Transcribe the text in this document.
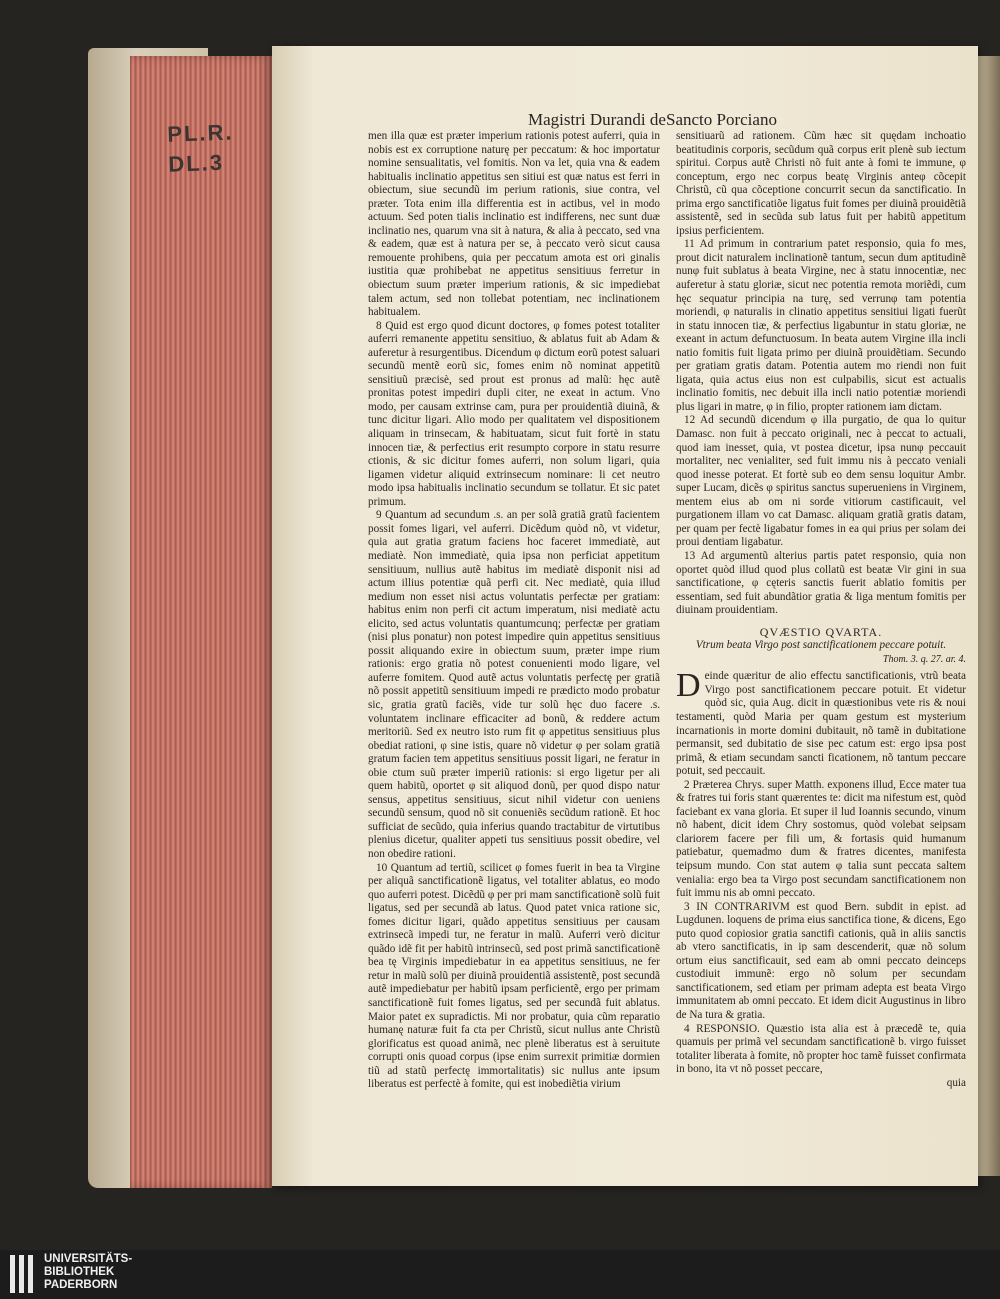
PL.R.
DL.3
Magistri Durandi de Sancto Porciano

men illa quæ est præter imperium rationis potest auferri, quia in nobis est ex corruptione naturę per peccatum: & hoc importatur nomine sensualitatis, vel fomitis. Non va let, quia vna & eadem habitualis inclinatio appetitus sen sitiui est quæ natus est ferri in obiectum, siue secundũ im perium rationis, siue contra, vel præter. Tota enim illa differentia est in actibus, vel in modo actuum. Sed poten tialis inclinatio est indifferens, nec sunt duæ inclinatio nes, quarum vna sit à natura, & alia à peccato, sed vna & eadem, quæ est à natura per se, à peccato verò sicut causa remouente prohibens, quia per peccatum amota est ori ginalis iustitia quæ prohibebat ne appetitus sensitiuus ferretur in obiectum suum præter imperium rationis, & sic impediebat talem actum, sed non tollebat potentiam, nec inclinationem habitualem.

8 Quid est ergo quod dicunt doctores, φ fomes potest totaliter auferri remanente appetitu sensitiuo, & ablatus fuit ab Adam & auferetur à resurgentibus. Dicendum φ dictum eorũ potest saluari secundũ mentẽ eorũ sic, fomes enim nõ nominat appetitũ sensitiuũ præcisè, sed prout est pronus ad malũ: hęc autẽ pronitas potest impediri dupli citer, ne exeat in actum. Vno modo, per causam extrinse cam, pura per prouidentiã diuinã, & tunc dicitur ligari. Alio modo per qualitatem vel dispositionem aliquam in trinsecam, & habituatam, sicut fuit fortè in statu innocen tiæ, & perfectius erit resumpto corpore in statu resurre ctionis, & sic dicitur fomes auferri, non solum ligari, quia ligamen videtur aliquid extrinsecum nominare: li cet neutro modo ipsa habitualis inclinatio secundum se tollatur. Et sic patet primum.

9 Quantum ad secundum .s. an per solã gratiã gratũ facientem possit fomes ligari, vel auferri. Dicẽdum quòd nõ, vt videtur, quia aut gratia gratum faciens hoc faceret immediatè, aut mediatè. Non immediatè, quia ipsa non perficiat appetitum sensitiuum, nullius autẽ habitus im mediatè disponit nisi ad actum illius potentiæ quã perfi cit. Nec mediatè, quia illud medium non esset nisi actus voluntatis perfectæ per gratiam: habitus enim non perfi cit actum imperatum, nisi mediatè actu elicito, sed actus voluntatis quantumcunq; perfectæ per gratiam (nisi plus ponatur) non potest impedire quin appetitus sensitiuus possit aliquando exire in obiectum suum, præter impe rium rationis: ergo gratia nõ potest conuenienti modo ligare, vel auferre fomitem. Quod autẽ actus voluntatis perfectę per gratiã nõ possit appetitũ sensitiuum impedi re prædicto modo probatur sic, gratia gratũ faciẽs, vide tur solũ hęc duo facere .s. voluntatem inclinare efficaciter ad bonũ, & reddere actum meritoriũ. Sed ex neutro isto rum fit φ appetitus sensitiuus plus obediat rationi, φ sine istis, quare nõ videtur φ per solam gratiã gratum facien tem appetitus sensitiuus possit ligari, ne feratur in obie ctum suũ præter imperiũ rationis: si ergo ligetur per ali quem habitũ, oportet φ sit aliquod donũ, per quod dispo natur sensus, appetitus sensitiuus, sicut nihil videtur con ueniens secundũ sensum, quod nõ sit conueniẽs secũdum rationẽ. Et hoc sufficiat de secũdo, quia inferius quando tractabitur de virtutibus plenius dicetur, qualiter appeti tus sensitiuus possit obedire, vel non obedire rationi.

10 Quantum ad tertiũ, scilicet φ fomes fuerit in bea ta Virgine per aliquã sanctificationẽ ligatus, vel totaliter ablatus, eo modo quo auferri potest. Dicẽdũ φ per pri mam sanctificationẽ solũ fuit ligatus, sed per secundã ab latus. Quod patet vnica ratione sic, fomes dicitur ligari, quãdo appetitus sensitiuus per causam extrinsecã impedi tur, ne feratur in malũ. Auferri verò dicitur quãdo idẽ fit per habitũ intrinsecũ, sed post primã sanctificationẽ bea tę Virginis impediebatur in ea appetitus sensitiuus, ne fer retur in malũ solũ per diuinã prouidentiã assistentẽ, post secundã autẽ impediebatur per habitũ ipsam perficientẽ, ergo per primam sanctificationẽ fuit fomes ligatus, sed per secundã fuit ablatus. Maior patet ex supradictis. Mi nor probatur, quia cũm reparatio humanę naturæ fuit fa cta per Christũ, sicut nullus ante Christũ glorificatus est quoad animã, nec plenè liberatus est à seruitute corrupti onis quoad corpus (ipse enim surrexit primitiæ dormien tiũ ad statũ perfectę immortalitatis) sic nullus ante ipsum liberatus est perfectè à fomite, qui est inobediẽtia virium

sensitiuarũ ad rationem. Cũm hæc sit quędam inchoatio beatitudinis corporis, secũdum quã corpus erit plenè sub iectum spiritui. Corpus autẽ Christi nõ fuit ante à fomi te immune, φ conceptum, ergo nec corpus beatę Virginis anteφ cõcepit Christũ, cũ qua cõceptione concurrit secun da sanctificatio. In prima ergo sanctificatiõe ligatus fuit fomes per diuinã prouidẽtiã assistentẽ, sed in secũda sub latus fuit per habitũ appetitum ipsius perficientem.

11 Ad primum in contrarium patet responsio, quia fo mes, prout dicit naturalem inclinationẽ tantum, secun dum aptitudinẽ nunφ fuit sublatus à beata Virgine, nec à statu innocentiæ, nec auferetur à statu gloriæ, sicut nec potentia remota moriẽdi, cum hęc sequatur principia na turę, sed verrunφ tam potentia moriendi, φ naturalis in clinatio appetitus sensitiui ligati fuerũt in statu innocen tiæ, & perfectius ligabuntur in statu gloriæ, ne exeant in actum defunctuosum. In beata autem Virgine illa incli natio fomitis fuit ligata primo per diuinã prouidẽtiam. Secundo per gratiam gratis datam. Potentia autem mo riendi non fuit ligata, quia actus eius non est culpabilis, sicut est actualis inclinatio fomitis, nec debuit illa incli natio potentiæ moriendi plus ligari in matre, φ in filio, propter rationem iam dictam.

12 Ad secundũ dicendum φ illa purgatio, de qua lo quitur Damasc. non fuit à peccato originali, nec à peccat to actuali, quod iam inesset, quia, vt postea dicetur, ipsa nunφ peccauit mortaliter, nec venialiter, sed fuit immu nis à peccato veniali quod inesse poterat. Et fortè sub eo dem sensu loquitur Ambr. super Lucam, dicẽs φ spiritus sanctus superueniens in Virginem, mentem eius ab om ni sorde vitiorum castificauit, vel purgationem illam vo cat Damasc. aliquam gratiã gratis datam, per quam per fectè ligabatur fomes in ea qui prius per solam dei proui dentiam ligabatur.

13 Ad argumentũ alterius partis patet responsio, quia non oportet quòd illud quod plus collatũ est beatæ Vir gini in sua sanctificatione, φ cęteris sanctis fuerit ablatio fomitis per essentiam, sed fuit abundãtior gratia & liga mentum fomitis per diuinam prouidentiam.

QVÆSTIO QVARTA.

Vtrum beata Virgo post sanctificationem peccare potuit.

Thom. 3. q. 27. ar. 4.

Deinde quæritur de alio effectu sanctificationis, vtrũ beata Virgo post sanctificationem peccare potuit. Et videtur quòd sic, quia Aug. dicit in quæstionibus vete ris & noui testamenti, quòd Maria per quam gestum est mysterium incarnationis in morte domini dubitauit, nõ tamẽ in dubitatione permansit, sed dubitatio de sise pec catum est: ergo ipsa post primã, & etiam secundam sancti ficationem, nõ tantum peccare potuit, sed peccauit.

2 Præterea Chrys. super Matth. exponens illud, Ecce mater tua & fratres tui foris stant quærentes te: dicit ma nifestum est, quòd faciebant ex vana gloria. Et super il lud Ioannis secundo, vinum nõ habent, dicit idem Chry sostomus, quòd volebat seipsam clariorem facere per fili um, & fortasis quid humanum patiebatur, quemadmo dum & fratres dicentes, manifesta teipsum mundo. Con stat autem φ talia sunt peccata saltem venialia: ergo bea ta Virgo post secundam sanctificationem non fuit immu nis ab omni peccato.

3 IN CONTRARIVM est quod Bern. subdit in epist. ad Lugdunen. loquens de prima eius sanctifica tione, & dicens, Ego puto quod copiosior gratia sanctifi cationis, quã in aliis sanctis ab vtero sanctificatis, in ip sam descenderit, quæ nõ solum ortum eius sanctificauit, sed eam ab omni peccato deinceps custodiuit immunẽ: ergo nõ solum per secundam sanctificationem, sed etiam per primam adepta est beata Virgo immunitatem ab omni peccato. Et idem dicit Augustinus in libro de Na tura & gratia.

4 RESPONSIO. Quæstio ista alia est à præcedẽ te, quia quamuis per primã vel secundam sanctificationẽ b. virgo fuisset totaliter liberata à fomite, nõ propter hoc tamẽ fuisset confirmata in bono, ita vt nõ posset peccare,

quia

UNIVERSITÄTS-
BIBLIOTHEK
PADERBORN
